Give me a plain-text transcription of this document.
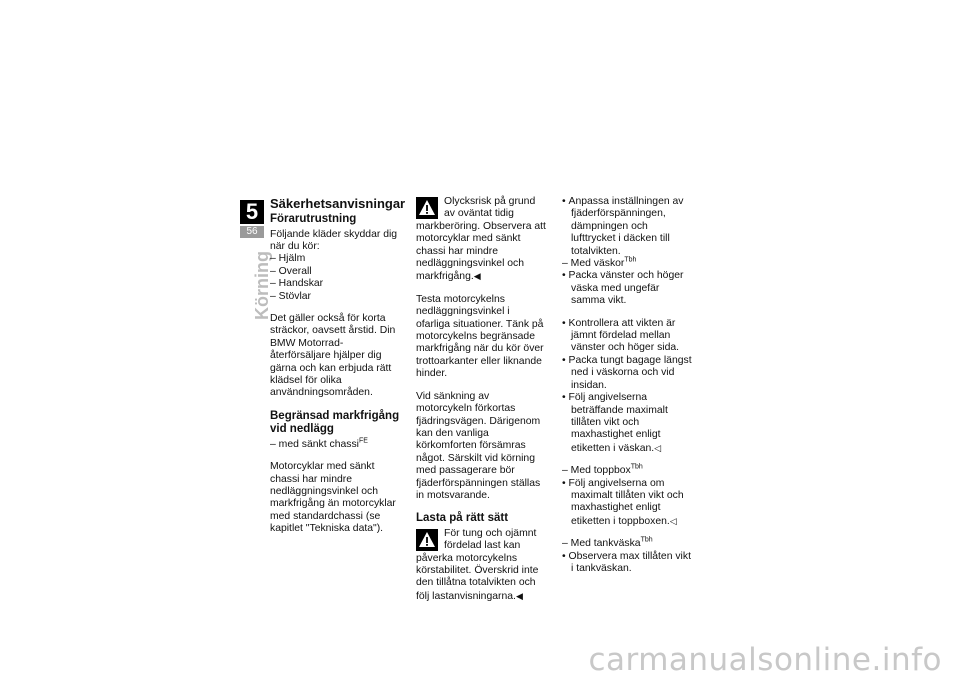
5
56
Körning
Säkerhetsanvisningar
Förarutrustning

Följande kläder skyddar dig när du kör:

– Hjälm
– Overall
– Handskar
– Stövlar

Det gäller också för korta sträckor, oavsett årstid. Din BMW Motorrad-återförsäljare hjälper dig gärna och kan erbjuda rätt klädsel för olika användningsområden.

Begränsad markfrigång vid nedlägg
– med sänkt chassi$^{FE}$

Motorcyklar med sänkt chassi har mindre nedläggningsvinkel och markfrigång än motorcyklar med standardchassi (se kapitlet "Tekniska data").

Olycksrisk på grund av oväntat tidig markberöring. Observera att motorcyklar med sänkt chassi har mindre nedläggningsvinkel och markfrigång.◀

Testa motorcykelns nedläggningsvinkel i ofarliga situationer. Tänk på motorcykelns begränsade markfrigång när du kör över trottoarkanter eller liknande hinder.

Vid sänkning av motorcykeln förkortas fjädringsvägen. Därigenom kan den vanliga körkomforten försämras något. Särskilt vid körning med passagerare bör fjäderförspänningen ställas in motsvarande.

Lasta på rätt sätt
För tung och ojämnt fördelad last kan påverka motorcykelns körstabilitet. Överskrid inte den tillåtna totalvikten och följ lastanvisningarna.◀
• Anpassa inställningen av fjäderförspänningen, dämpningen och lufttrycket i däcken till totalvikten.
– Med väskor$^{Tbh}$
• Packa vänster och höger väska med ungefär samma vikt.
• Kontrollera att vikten är jämnt fördelad mellan vänster och höger sida.
• Packa tungt bagage längst ned i väskorna och vid insidan.
• Följ angivelserna beträffande maximalt tillåten vikt och maxhastighet enligt etiketten i väskan.◁
– Med toppbox$^{Tbh}$
• Följ angivelserna om maximalt tillåten vikt och maxhastighet enligt etiketten i toppboxen.◁
– Med tankväska$^{Tbh}$
• Observera max tillåten vikt i tankväskan.
carmanualsonline.info
